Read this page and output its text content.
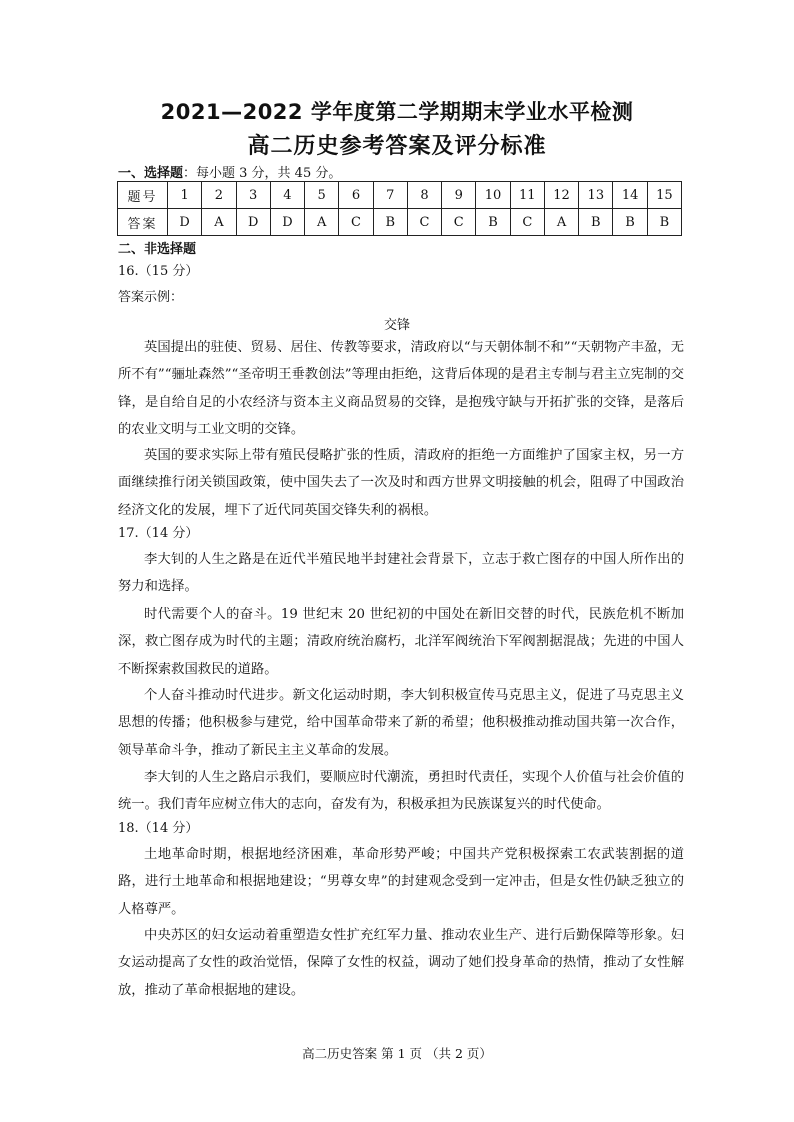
2021—2022 学年度第二学期期末学业水平检测
高二历史参考答案及评分标准
一、选择题：每小题 3 分，共 45 分。
题号	1	2	3	4	5	6	7	8	9	10	11	12	13	14	15
答案	D	A	D	D	A	C	B	C	C	B	C	A	B	B	B
二、非选择题
16.（15 分）
答案示例：
交锋

英国提出的驻使、贸易、居住、传教等要求，清政府以“与天朝体制不和”“天朝物产丰盈，无所不有”“骊址森然”“圣帝明王垂教创法”等理由拒绝，这背后体现的是君主专制与君主立宪制的交锋，是自给自足的小农经济与资本主义商品贸易的交锋，是抱残守缺与开拓扩张的交锋，是落后的农业文明与工业文明的交锋。

英国的要求实际上带有殖民侵略扩张的性质，清政府的拒绝一方面维护了国家主权，另一方面继续推行闭关锁国政策，使中国失去了一次及时和西方世界文明接触的机会，阻碍了中国政治经济文化的发展，埋下了近代同英国交锋失利的祸根。

17.（14 分）

李大钊的人生之路是在近代半殖民地半封建社会背景下，立志于救亡图存的中国人所作出的努力和选择。

时代需要个人的奋斗。19 世纪末 20 世纪初的中国处在新旧交替的时代，民族危机不断加深，救亡图存成为时代的主题；清政府统治腐朽，北洋军阀统治下军阀割据混战；先进的中国人不断探索救国救民的道路。

个人奋斗推动时代进步。新文化运动时期，李大钊积极宣传马克思主义，促进了马克思主义思想的传播；他积极参与建党，给中国革命带来了新的希望；他积极推动推动国共第一次合作，领导革命斗争，推动了新民主主义革命的发展。

李大钊的人生之路启示我们，要顺应时代潮流，勇担时代责任，实现个人价值与社会价值的统一。我们青年应树立伟大的志向，奋发有为，积极承担为民族谋复兴的时代使命。

18.（14 分）

土地革命时期，根据地经济困难，革命形势严峻；中国共产党积极探索工农武装割据的道路，进行土地革命和根据地建设；“男尊女卑”的封建观念受到一定冲击，但是女性仍缺乏独立的人格尊严。

中央苏区的妇女运动着重塑造女性扩充红军力量、推动农业生产、进行后勤保障等形象。妇女运动提高了女性的政治觉悟，保障了女性的权益，调动了她们投身革命的热情，推动了女性解放，推动了革命根据地的建设。

高二历史答案 第 1 页 （共 2 页）
